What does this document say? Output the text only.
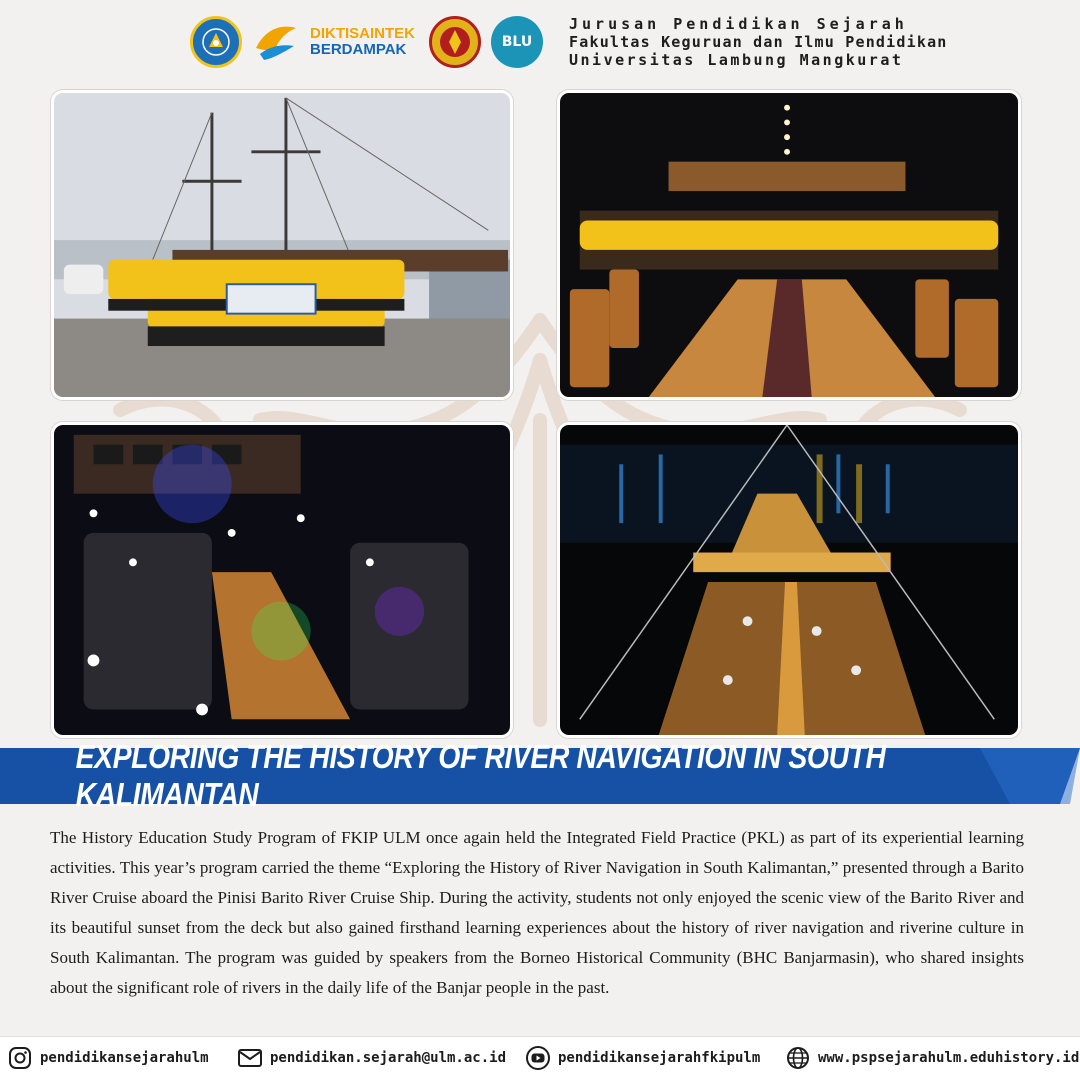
DIKTISAINTEK
BERDAMPAK	BLU
Jurusan Pendidikan Sejarah
Fakultas Keguruan dan Ilmu Pendidikan
Universitas Lambung Mangkurat
EXPLORING THE HISTORY OF RIVER NAVIGATION IN SOUTH KALIMANTAN

The History Education Study Program of FKIP ULM once again held the Integrated Field Practice (PKL) as part of its experiential learning activities. This year’s program carried the theme “Exploring the History of River Navigation in South Kalimantan,” presented through a Barito River Cruise aboard the Pinisi Barito River Cruise Ship. During the activity, students not only enjoyed the scenic view of the Barito River and its beautiful sunset from the deck but also gained firsthand learning experiences about the history of river navigation and riverine culture in South Kalimantan. The program was guided by speakers from the Borneo Historical Community (BHC Banjarmasin), who shared insights about the significant role of rivers in the daily life of the Banjar people in the past.

pendidikansejarahulm	pendidikan.sejarah@ulm.ac.id	pendidikansejarahfkipulm	www.pspsejarahulm.eduhistory.id
